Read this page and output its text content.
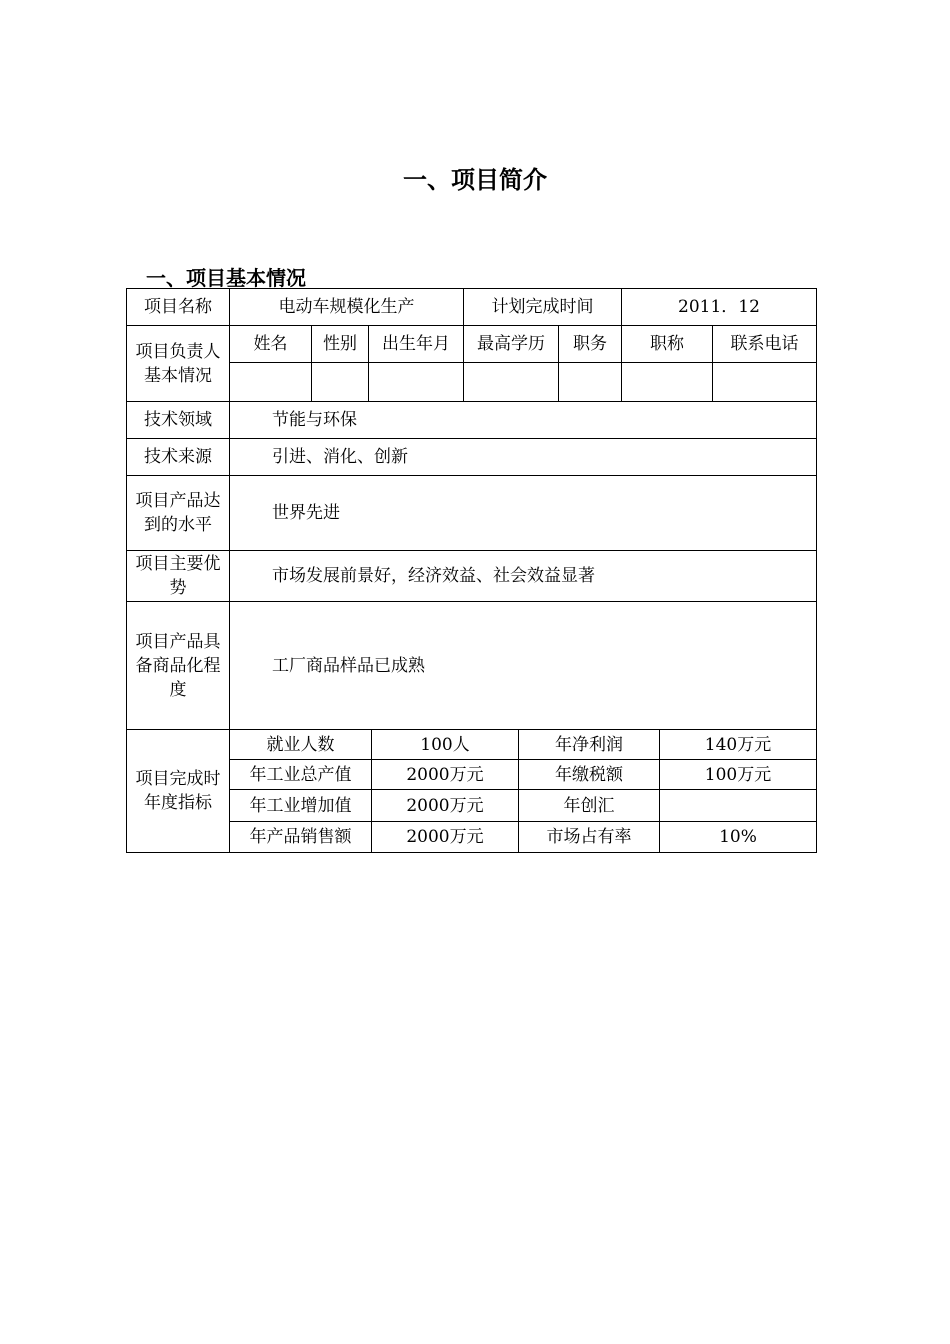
一、项目简介
一、项目基本情况
项目名称	电动车规模化生产			计划完成时间		2011．12	
项目负责人基本情况	姓名	性别	出生年月	最高学历	职务	职称	联系电话

技术领域	节能与环保						
技术来源	引进、消化、创新						
项目产品达到的水平	世界先进						
项目主要优势	市场发展前景好，经济效益、社会效益显著						
项目产品具备商品化程度	工厂商品样品已成熟						
项目完成时年度指标	就业人数	100人	年净利润	140万元
	年工业总产值	2000万元	年缴税额	100万元
	年工业增加值	2000万元	年创汇	
	年产品销售额	2000万元	市场占有率	10%
